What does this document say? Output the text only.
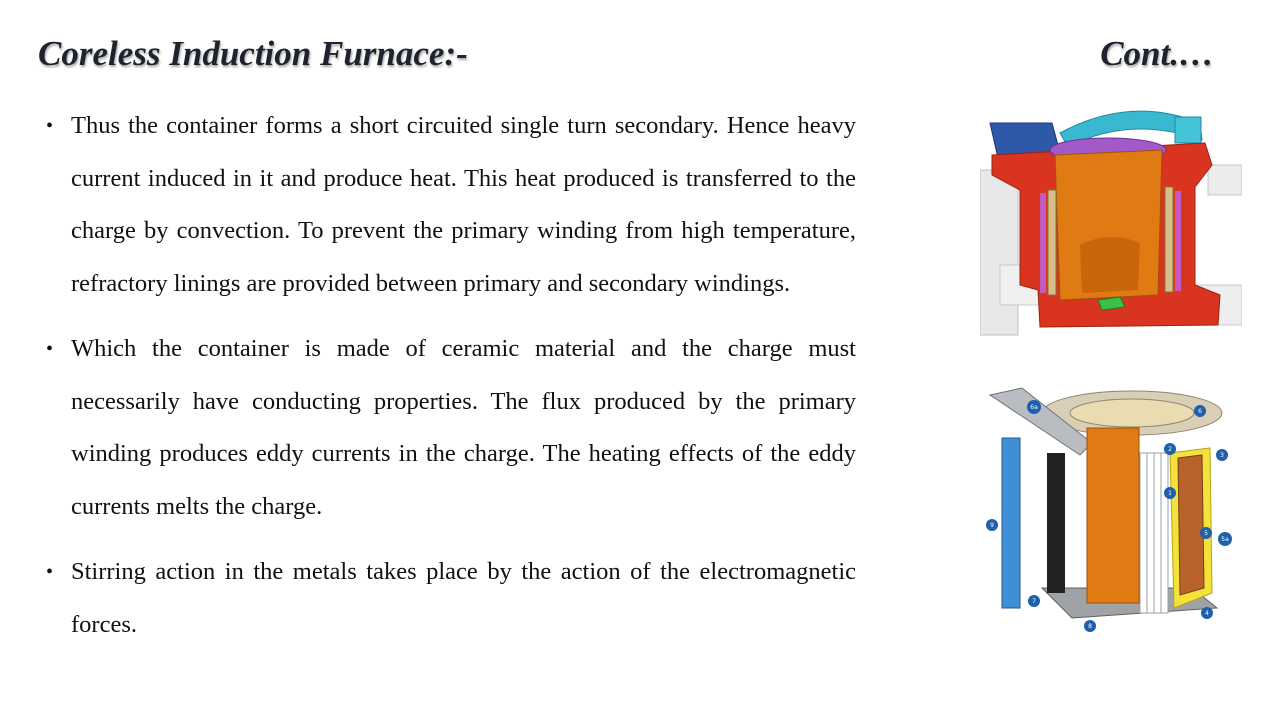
Coreless Induction Furnace:-	Cont.…
• Thus the container forms a short circuited single turn secondary. Hence heavy current induced in it and produce heat. This heat produced is transferred to the charge by convection. To prevent the primary winding from high temperature, refractory linings are provided between primary and secondary windings.
• Which the container is made of ceramic material and the charge must necessarily have conducting properties. The flux produced by the primary winding produces eddy currents in the charge. The heating effects of the eddy currents melts the charge.
• Stirring action in the metals takes place by the action of the electromagnetic forces.
6a
6
2
3
1
5
5a
9
7
8
4
